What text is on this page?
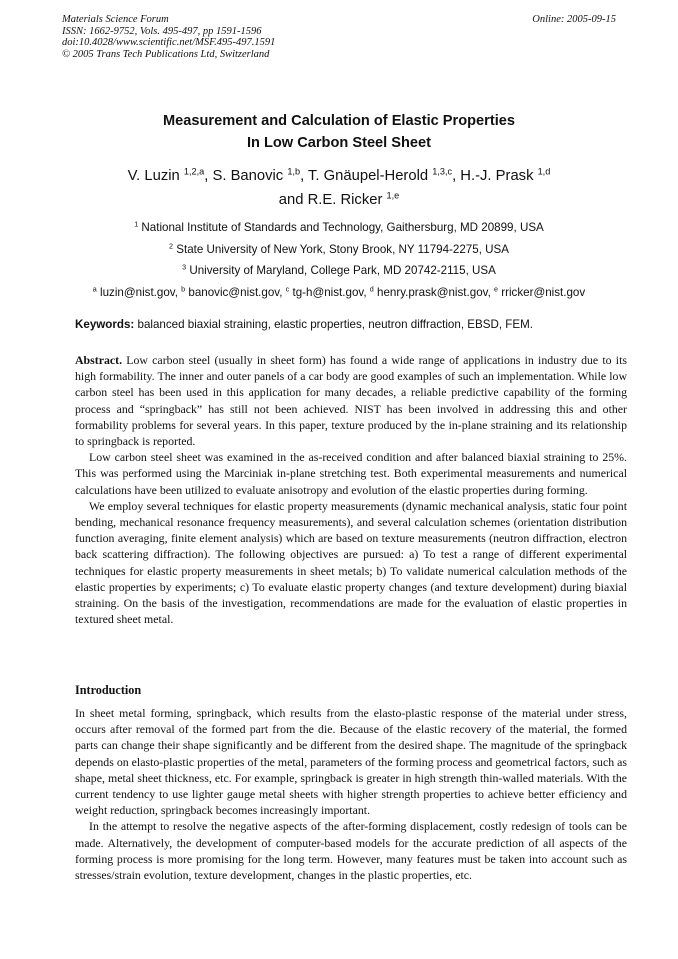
Materials Science Forum
ISSN: 1662-9752, Vols. 495-497, pp 1591-1596
doi:10.4028/www.scientific.net/MSF.495-497.1591
© 2005 Trans Tech Publications Ltd, Switzerland
Online: 2005-09-15
Measurement and Calculation of Elastic Properties
In Low Carbon Steel Sheet
V. Luzin $^{1,2,a}$, S. Banovic $^{1,b}$, T. Gnäupel-Herold $^{1,3,c}$, H.-J. Prask $^{1,d}$
and R.E. Ricker $^{1,e}$
$^1$ National Institute of Standards and Technology, Gaithersburg, MD 20899, USA
$^2$ State University of New York, Stony Brook, NY 11794-2275, USA
$^3$ University of Maryland, College Park, MD 20742-2115, USA
$^a$ luzin@nist.gov, $^b$ banovic@nist.gov, $^c$ tg-h@nist.gov, $^d$ henry.prask@nist.gov, $^e$ rricker@nist.gov
Keywords: balanced biaxial straining, elastic properties, neutron diffraction, EBSD, FEM.

Abstract. Low carbon steel (usually in sheet form) has found a wide range of applications in industry due to its high formability. The inner and outer panels of a car body are good examples of such an implementation. While low carbon steel has been used in this application for many decades, a reliable predictive capability of the forming process and “springback” has still not been achieved. NIST has been involved in addressing this and other formability problems for several years. In this paper, texture produced by the in-plane straining and its relationship to springback is reported.

Low carbon steel sheet was examined in the as-received condition and after balanced biaxial straining to 25%. This was performed using the Marciniak in-plane stretching test. Both experimental measurements and numerical calculations have been utilized to evaluate anisotropy and evolution of the elastic properties during forming.

We employ several techniques for elastic property measurements (dynamic mechanical analysis, static four point bending, mechanical resonance frequency measurements), and several calculation schemes (orientation distribution function averaging, finite element analysis) which are based on texture measurements (neutron diffraction, electron back scattering diffraction). The following objectives are pursued: a) To test a range of different experimental techniques for elastic property measurements in sheet metals; b) To validate numerical calculation methods of the elastic properties by experiments; c) To evaluate elastic property changes (and texture development) during biaxial straining. On the basis of the investigation, recommendations are made for the evaluation of elastic properties in textured sheet metal.

Introduction

In sheet metal forming, springback, which results from the elasto-plastic response of the material under stress, occurs after removal of the formed part from the die. Because of the elastic recovery of the material, the formed parts can change their shape significantly and be different from the desired shape. The magnitude of the springback depends on elasto-plastic properties of the metal, parameters of the forming process and geometrical factors, such as shape, metal sheet thickness, etc. For example, springback is greater in high strength thin-walled materials. With the current tendency to use lighter gauge metal sheets with higher strength properties to achieve better efficiency and weight reduction, springback becomes increasingly important.

In the attempt to resolve the negative aspects of the after-forming displacement, costly redesign of tools can be made. Alternatively, the development of computer-based models for the accurate prediction of all aspects of the forming process is more promising for the long term. However, many features must be taken into account such as stresses/strain evolution, texture development, changes in the plastic properties, etc.
